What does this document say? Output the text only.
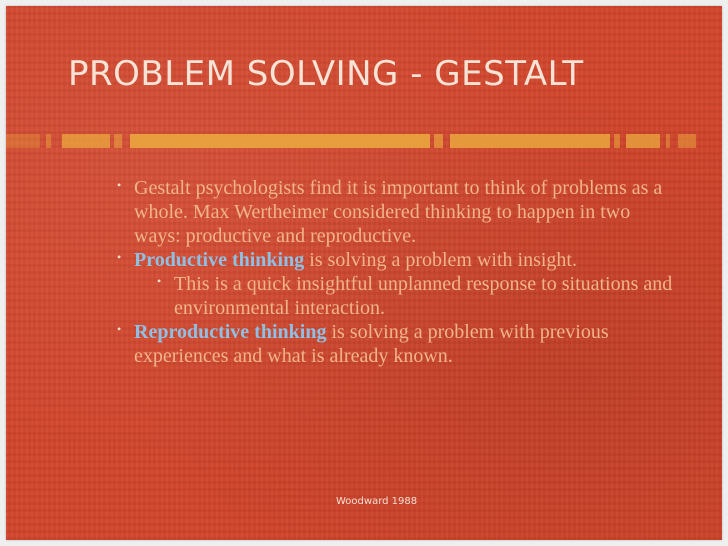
PROBLEM SOLVING - GESTALT
• Gestalt psychologists find it is important to think of problems as a whole. Max Wertheimer considered thinking to happen in two ways: productive and reproductive.
• Productive thinking is solving a problem with insight.
• This is a quick insightful unplanned response to situations and environmental interaction.
• Reproductive thinking is solving a problem with previous experiences and what is already known.
Woodward 1988
